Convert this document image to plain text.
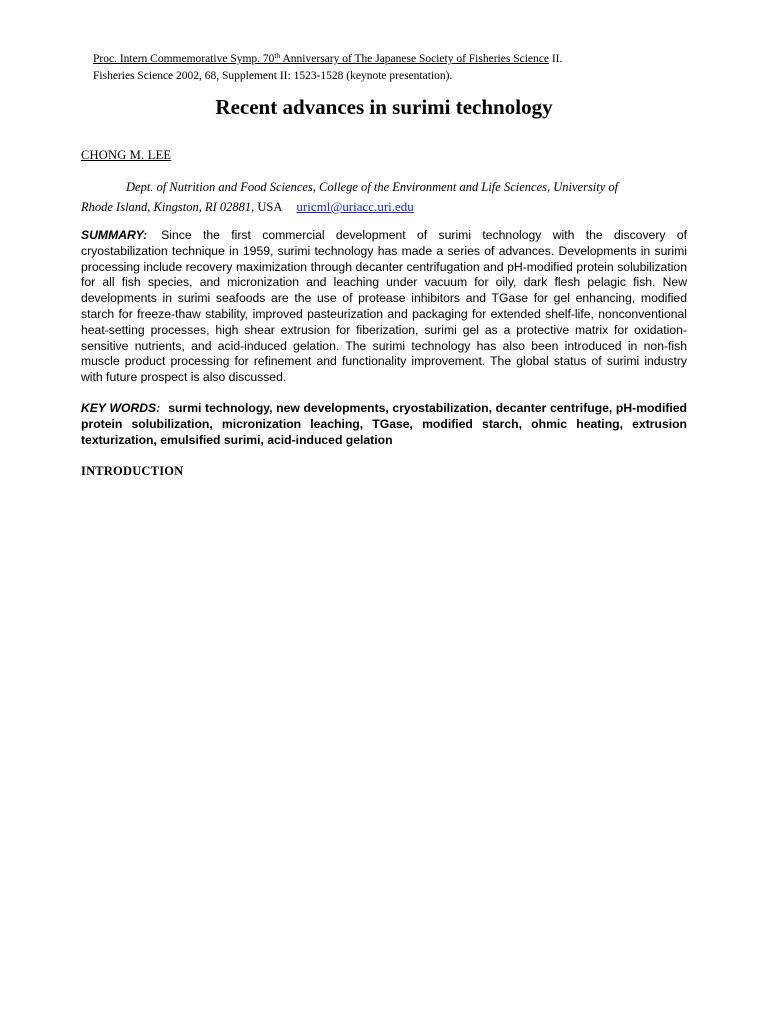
Proc. Intern Commemorative Symp. 70th Anniversary of The Japanese Society of Fisheries Science II.
Fisheries Science 2002, 68, Supplement II: 1523-1528 (keynote presentation).
Recent advances in surimi technology
CHONG M. LEE
Dept. of Nutrition and Food Sciences, College of the Environment and Life Sciences, University of
Rhode Island, Kingston, RI 02881, USA uricml@uriacc.uri.edu
SUMMARY: Since the first commercial development of surimi technology with the discovery of cryostabilization technique in 1959, surimi technology has made a series of advances. Developments in surimi processing include recovery maximization through decanter centrifugation and pH-modified protein solubilization for all fish species, and micronization and leaching under vacuum for oily, dark flesh pelagic fish. New developments in surimi seafoods are the use of protease inhibitors and TGase for gel enhancing, modified starch for freeze-thaw stability, improved pasteurization and packaging for extended shelf-life, nonconventional heat-setting processes, high shear extrusion for fiberization, surimi gel as a protective matrix for oxidation-sensitive nutrients, and acid-induced gelation. The surimi technology has also been introduced in non-fish muscle product processing for refinement and functionality improvement. The global status of surimi industry with future prospect is also discussed.
KEY WORDS: surmi technology, new developments, cryostabilization, decanter centrifuge, pH-modified protein solubilization, micronization leaching, TGase, modified starch, ohmic heating, extrusion texturization, emulsified surimi, acid-induced gelation
INTRODUCTION
